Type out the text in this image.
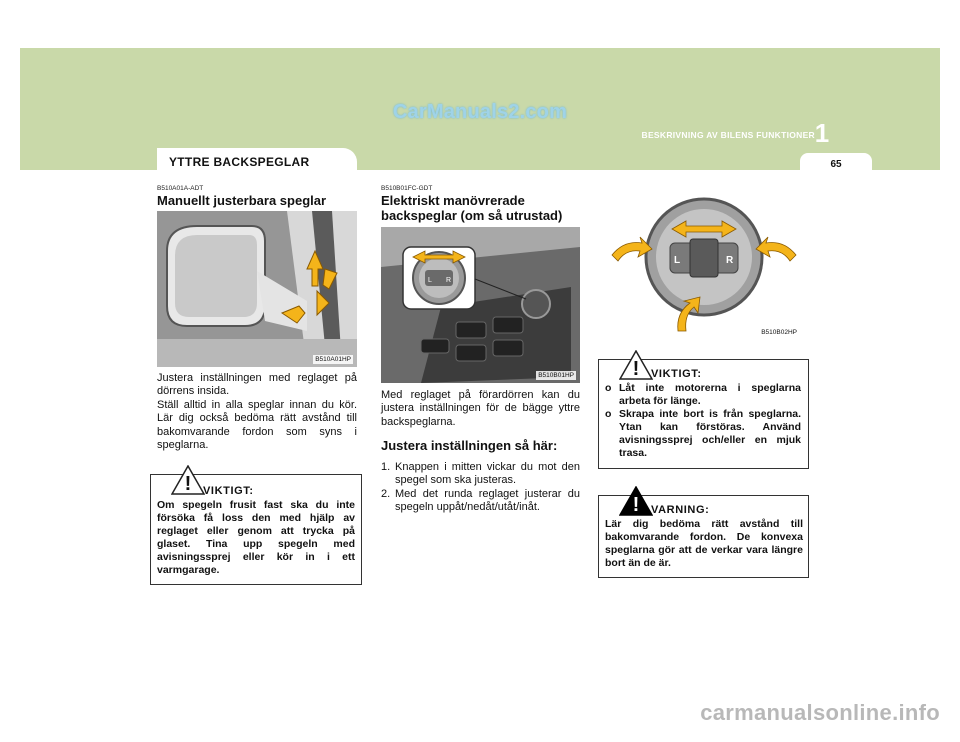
CarManuals2.com
BESKRIVNING AV BILENS FUNKTIONER 1
YTTRE BACKSPEGLAR	65
B510A01A-ADT
Manuellt justerbara speglar
B510A01HP
Justera inställningen med reglaget på dörrens insida.
Ställ alltid in alla speglar innan du kör. Lär dig också bedöma rätt avstånd till bakomvarande fordon som syns i speglarna.
! VIKTIGT:
Om spegeln frusit fast ska du inte försöka få loss den med hjälp av reglaget eller genom att trycka på glaset. Tina upp spegeln med avisningssprej eller kör in i ett varmgarage.
B510B01FC-GDT
Elektriskt manövrerade
backspeglar (om så utrustad)
L R
B510B01HP
Med reglaget på förardörren kan du justera inställningen för de bägge yttre backspeglarna.
Justera inställningen så här:
1. Knappen i mitten vickar du mot den spegel som ska justeras.
2. Med det runda reglaget justerar du spegeln uppåt/nedåt/utåt/inåt.
L	R
B510B02HP
! VIKTIGT:
o Låt inte motorerna i speglarna arbeta för länge.
o Skrapa inte bort is från speglarna. Ytan kan förstöras. Använd avisningssprej och/eller en mjuk trasa.
! VARNING:
Lär dig bedöma rätt avstånd till bakomvarande fordon. De konvexa speglarna gör att de verkar vara längre bort än de är.
carmanualsonline.info
